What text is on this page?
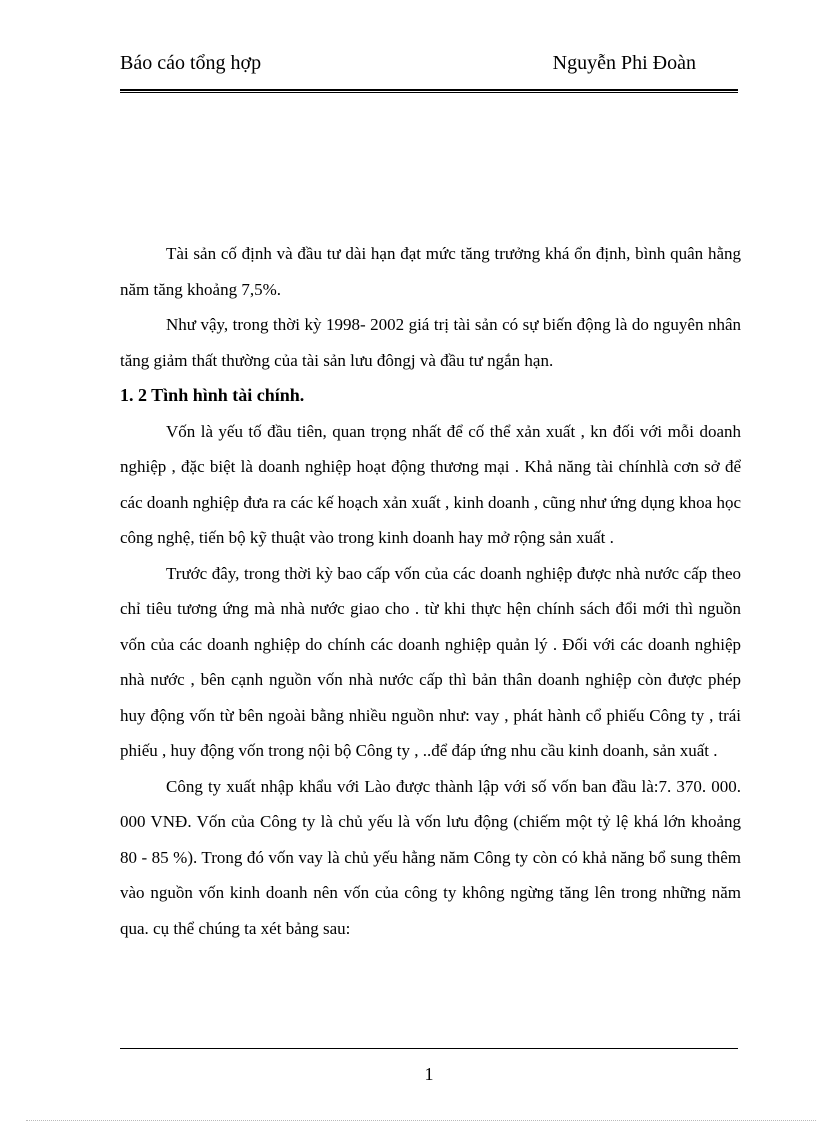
Báo cáo tổng hợp	Nguyễn Phi Đoàn

Tài sản cố định và đầu tư dài hạn đạt mức tăng trưởng khá ổn định, bình quân hằng năm tăng khoảng 7,5%.

Như vậy, trong thời kỳ 1998- 2002 giá trị tài sản có sự biến động là do nguyên nhân tăng giảm thất thường của tài sản lưu đôngj và đầu tư ngắn hạn.

1. 2 Tình hình tài chính.

Vốn là yếu tố đầu tiên, quan trọng nhất để cố thể xản xuất , kn đối với mỗi doanh nghiệp , đặc biệt là doanh nghiệp hoạt động thương mại . Khả năng tài chínhlà cơn sở để các doanh nghiệp đưa ra các kế hoạch xản xuất , kinh doanh , cũng như ứng dụng khoa học công nghệ, tiến bộ kỹ thuật vào trong kinh doanh hay mở rộng sản xuất .

Trước đây, trong thời kỳ bao cấp vốn của các doanh nghiệp được nhà nước cấp theo chỉ tiêu tương ứng mà nhà nước giao cho . từ khi thực hện chính sách đổi mới thì nguồn vốn của các doanh nghiệp do chính các doanh nghiệp quản lý . Đối với các doanh nghiệp nhà nước , bên cạnh nguồn vốn nhà nước cấp thì bản thân doanh nghiệp còn được phép huy động vốn từ bên ngoài bằng nhiều nguồn như: vay , phát hành cổ phiếu Công ty , trái phiếu , huy động vốn trong nội bộ Công ty , ..để đáp ứng nhu cầu kinh doanh, sản xuất .

Công ty xuất nhập khẩu với Lào được thành lập với số vốn ban đầu là:7. 370. 000. 000 VNĐ. Vốn của Công ty là chủ yếu là vốn lưu động (chiếm một tỷ lệ khá lớn khoảng 80 - 85 %). Trong đó vốn vay là chủ yếu hằng năm Công ty còn có khả năng bổ sung thêm vào nguồn vốn kinh doanh nên vốn của công ty không ngừng tăng lên trong những năm qua. cụ thể chúng ta xét bảng sau:

1
